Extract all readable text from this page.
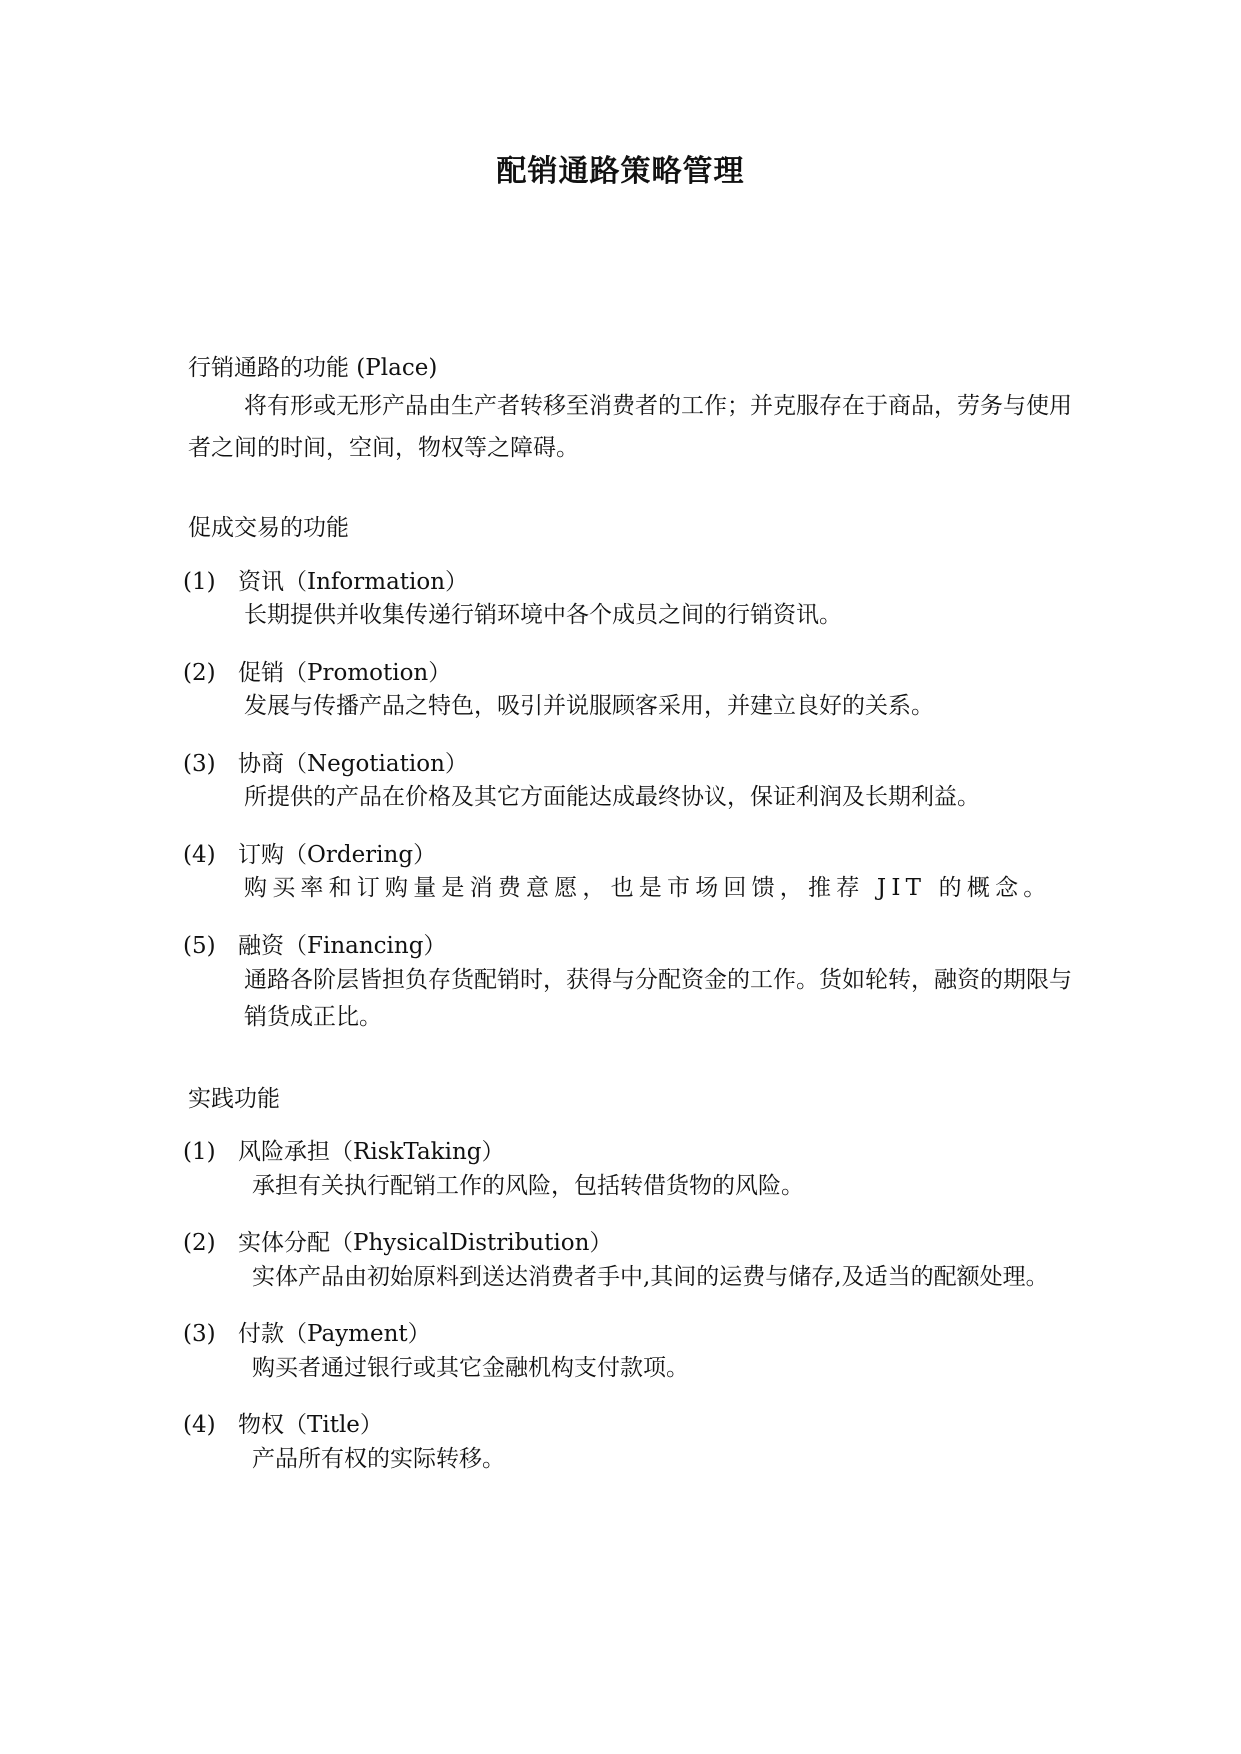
配销通路策略管理
行销通路的功能 (Place)
将有形或无形产品由生产者转移至消费者的工作；并克服存在于商品，劳务与使用
者之间的时间，空间，物权等之障碍。
促成交易的功能
(1) 资讯（Information）
长期提供并收集传递行销环境中各个成员之间的行销资讯。
(2) 促销（Promotion）
发展与传播产品之特色，吸引并说服顾客采用，并建立良好的关系。
(3) 协商（Negotiation）
所提供的产品在价格及其它方面能达成最终协议，保证利润及长期利益。
(4) 订购（Ordering）
购买率和订购量是消费意愿，也是市场回馈，推荐 JIT 的概念。
(5) 融资（Financing）
通路各阶层皆担负存货配销时，获得与分配资金的工作。货如轮转，融资的期限与
销货成正比。
实践功能
(1) 风险承担（RiskTaking）
承担有关执行配销工作的风险，包括转借货物的风险。
(2) 实体分配（PhysicalDistribution）
实体产品由初始原料到送达消费者手中,其间的运费与储存,及适当的配额处理。
(3) 付款（Payment）
购买者通过银行或其它金融机构支付款项。
(4) 物权（Title）
产品所有权的实际转移。
